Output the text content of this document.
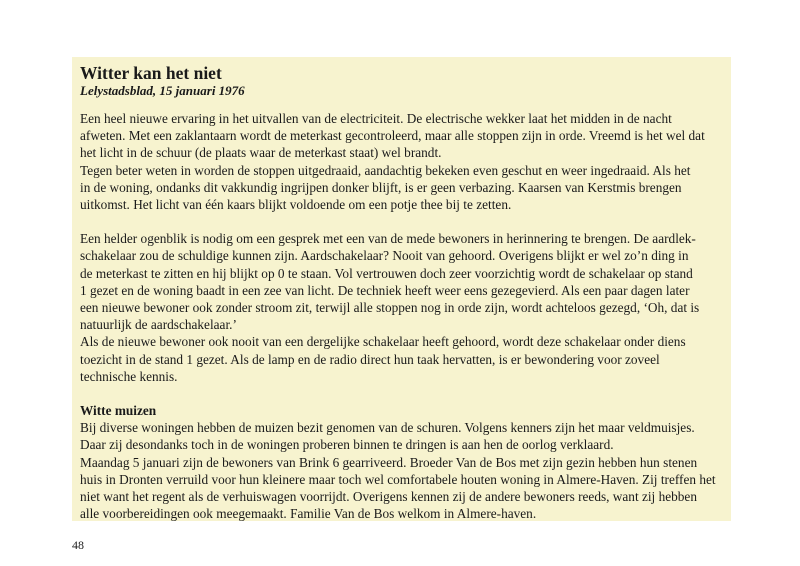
Witter kan het niet

Lelystadsblad, 15 januari 1976

Een heel nieuwe ervaring in het uitvallen van de electriciteit. De electrische wekker laat het midden in de nacht
afweten. Met een zaklantaarn wordt de meterkast gecontroleerd, maar alle stoppen zijn in orde. Vreemd is het wel dat
het licht in de schuur (de plaats waar de meterkast staat) wel brandt.
Tegen beter weten in worden de stoppen uitgedraaid, aandachtig bekeken even geschut en weer ingedraaid. Als het
in de woning, ondanks dit vakkundig ingrijpen donker blijft, is er geen verbazing. Kaarsen van Kerstmis brengen
uitkomst. Het licht van één kaars blijkt voldoende om een potje thee bij te zetten.

Een helder ogenblik is nodig om een gesprek met een van de mede bewoners in herinnering te brengen. De aardlek-
schakelaar zou de schuldige kunnen zijn. Aardschakelaar? Nooit van gehoord. Overigens blijkt er wel zo’n ding in
de meterkast te zitten en hij blijkt op 0 te staan. Vol vertrouwen doch zeer voorzichtig wordt de schakelaar op stand
1 gezet en de woning baadt in een zee van licht. De techniek heeft weer eens gezegevierd. Als een paar dagen later
een nieuwe bewoner ook zonder stroom zit, terwijl alle stoppen nog in orde zijn, wordt achteloos gezegd, ‘Oh, dat is
natuurlijk de aardschakelaar.’
Als de nieuwe bewoner ook nooit van een dergelijke schakelaar heeft gehoord, wordt deze schakelaar onder diens
toezicht in de stand 1 gezet. Als de lamp en de radio direct hun taak hervatten, is er bewondering voor zoveel
technische kennis.

Witte muizen

Bij diverse woningen hebben de muizen bezit genomen van de schuren. Volgens kenners zijn het maar veldmuisjes.
Daar zij desondanks toch in de woningen proberen binnen te dringen is aan hen de oorlog verklaard.
Maandag 5 januari zijn de bewoners van Brink 6 gearriveerd. Broeder Van de Bos met zijn gezin hebben hun stenen
huis in Dronten verruild voor hun kleinere maar toch wel comfortabele houten woning in Almere-Haven. Zij treffen het
niet want het regent als de verhuiswagen voorrijdt. Overigens kennen zij de andere bewoners reeds, want zij hebben
alle voorbereidingen ook meegemaakt. Familie Van de Bos welkom in Almere-haven.

48
